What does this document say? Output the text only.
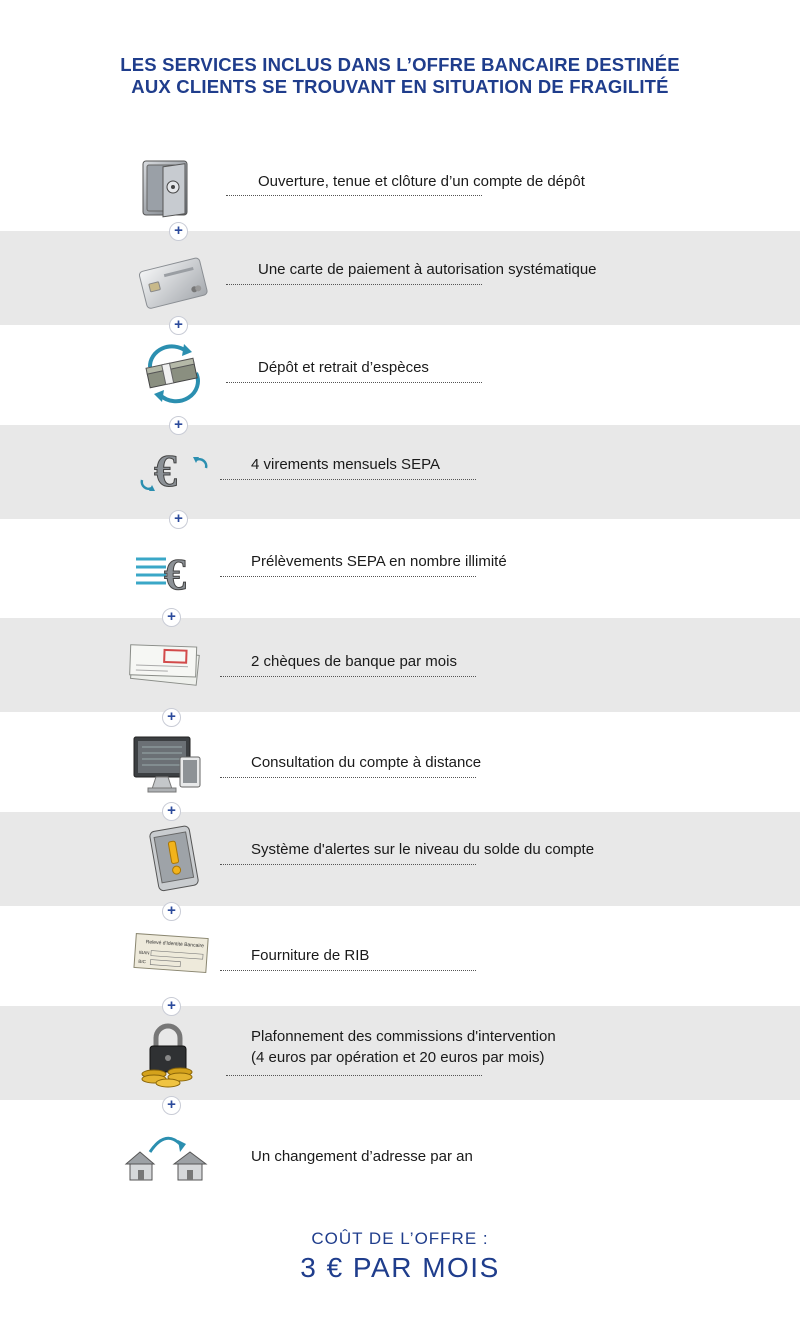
LES SERVICES INCLUS DANS L’OFFRE BANCAIRE DESTINÉE
AUX CLIENTS SE TROUVANT EN SITUATION DE FRAGILITÉ
+
+
+
+
+
+
+
+
+
+
Ouverture, tenue et clôture d’un compte de dépôt
Une carte de paiement à autorisation systématique
Dépôt et retrait d’espèces
€	4 virements mensuels SEPA
€	Prélèvements SEPA en nombre illimité
2 chèques de banque par mois
Consultation du compte à distance
Système d'alertes sur le niveau du solde du compte
Relevé d'Identité Bancaire
IBAN
BIC	Fourniture de RIB
Plafonnement des commissions d'intervention
(4 euros par opération et 20 euros par mois)
Un changement d’adresse par an
COÛT DE L’OFFRE :
3 € PAR MOIS
